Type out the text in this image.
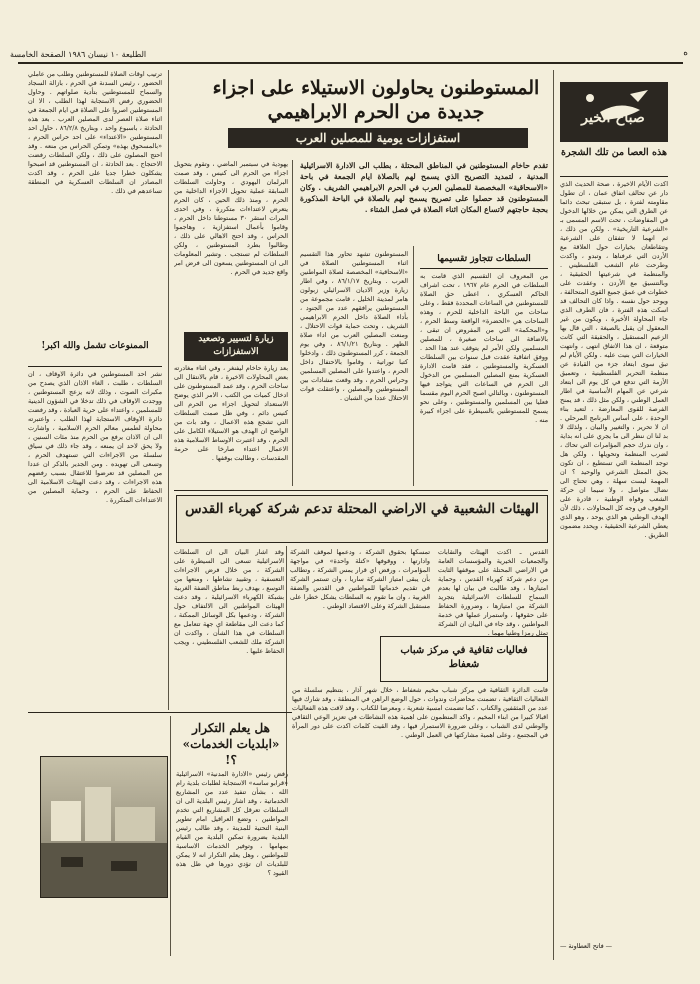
الطليعة ١٠ نيسان ١٩٨٦ الصفحة الخامسة	ه
صباح الخير
هذه العصا من تلك الشجرة
اكدت الأيام الاخيرة ، صحة الحديث الذي دار عن تحالف اتفاق عمان ، ان تطول مقاومته لفترة ، بل ستبقى تبحث دائما عن الطرق التي يمكن من خلالها الدخول في المفاوضات ، تحت الاسم المسمى بـ «الشرعية التاريخية» . ولكن من ذلك ، ثم انهما لا تتفقان على الشرعية وتتقاطعان بخيارات حول العلاقة مع الأردن التي عرفناها ، وتبدو ، واكدت وطرحت عام الشعب الفلسطيني . والمنظمة في شرعيتها الحقيقية ، وبالتنسيق مع الأردن ، وعقدت على خطوات في عمق جميع القوى المتحالفة ، ويوحد حول نفسه . واذا كان التحالف قد اسكت هذه الفترة ، فان الطرف الذي جاء المحاولة الأخيرة ، ويكون من غير المعقول ان يقبل بالصيغة ، التي قال بها الزعيم المستقيل ، والحقيقة التي كانت متوقعة ، ان هذا الاتفاق انتهى ، وانتهت الخيارات التي بنيت عليه . ولكن الأيام لم تبق سوى ابتعاد جزء من القيادة عن منظمة التحرير الفلسطينية ، وتعميق الأزمة التي تدفع في كل يوم الى ابتعاد شرعي عن المهام الأساسية في اطار العمل الوطني ، ولكن مثل ذلك ، قد يمنح الفرصة للقوى المعارضة ، لتعيد بناء الوحدة ، على أساس البرنامج المرحلي . ان لا تحرير ، والتغيير والبيان ، ولذلك لا بد لنا ان ننظر الى ما يجري على انه بداية ، وان ندرك حجم المؤامرات التي تحاك ، لضرب المنظمة وتحويلها ، ولكن هل توجد المنظمة التي تستطيع ، ان تكون بحق الممثل الشرعي والوحيد ؟ ان المهمة ليست سهلة ، وهي تحتاج الى نضال متواصل ، ولا سيما ان حركة الشعب وقواه الوطنية ، قادرة على الوقوف في وجه كل المحاولات ، ذلك لأن الهدف الوطني هو الذي يوحد ، وهو الذي يعطي الشرعية الحقيقية ، ويحدد مضمون الطريق .
— فاتح العطاونة —
المستوطنون يحاولون الاستيلاء على اجزاء جديدة من الحرم الابراهيمي
استفزازات يومية للمصلين العرب
تقدم حاخام المستوطنين في المناطق المحتلة ، بطلب الى الادارة الاسرائيلية المدنية ، لتمديد التصريح الذي يسمح لهم بالصلاة ايام الجمعة في باحة «الاسحاقية» المخصصة للمصلين العرب في الحرم الابراهيمي الشريف . وكان المستوطنون قد حصلوا على تصريح يسمح لهم بالصلاة في الباحة المذكورة بحجة حاجتهم لاتساع المكان اثناء الصلاة في فصل الشتاء .
السلطات تتجاوز تقسيمها
من المعروف ان التقسيم الذي قامت به السلطات في الحرم عام ١٩٦٧ ، تحت اشراف الحاكم العسكري ، اعطى حق الصلاة للمستوطنين في الساعات المحددة فقط ، وعلى ساحات من الباحة الداخلية للحرم ، وهذه الساحات هي «الحضرة» الواقعة وسط الحرم ، و«المحكمة» التي من المفروض ان تبقى ، بالاضافة الى ساحات صغيرة ، للمصلين المسلمين ولكن الأمر لم يتوقف عند هذا الحد . ووفق اتفاقية عقدت قبل سنوات بين السلطات العسكرية والمستوطنين ، فقد قامت الادارة العسكرية بمنع المصلين المسلمين من الدخول الى الحرم في الساعات التي يتواجد فيها المستوطنون ، وبالتالي اصبح الحرم اليوم مقسما فعليا بين المسلمين والمستوطنين ، وعلى نحو يسمح للمستوطنين بالسيطرة على اجزاء كبيرة منه .
المستوطنون تشهد تحاور هذا التقسيم اثناء المستوطنين الصلاة في «الاسحاقية» المخصصة لصلاة المواطنين العرب . وبتاريخ ٨٦/١/١٧ ، وفي اطار زيارة وزير الاديان الاسرائيلي زبولون هامر لمدينة الخليل ، قامت مجموعة من المستوطنين يرافقهم عدد من الجنود ، بأداء الصلاة داخل الحرم الابراهيمي الشريف ، وتحت حماية قوات الاحتلال ، ومنعت المصلين العرب من اداء صلاة الظهر . وبتاريخ ٨٦/١/٢١ ، وفي يوم الجمعة ، كرر المستوطنون ذلك ، وادخلوا كتبا توراتية ، وقاموا بالاحتفال داخل الحرم ، واعتدوا على المصلين المسلمين وحراس الحرم ، وقد وقعت مشادات بين المستوطنين والمصلين ، واعتقلت قوات الاحتلال عددا من الشبان .
يهودية في سبتمبر الماضي ، وتقوم بتحويل اجزاء من الحرم الى كنيس ، وقد صمت البرلمان اليهودي ، وحاولت السلطات السابقة عملية تحويل الاجزاء الداخلية من الحرم ، ومنذ ذلك الحين ، كان الحرم يتعرض لاعتداءات متكررة ، وفي احدى المرات استقر ٣٠ مستوطنا داخل الحرم ، وقاموا بأعمال استفزازية ، وهاجموا الحراس ، وقد احتج الاهالي على ذلك ، وطالبوا بطرد المستوطنين ، ولكن السلطات لم تستجب . وتشير المعلومات الى ان المستوطنين يسعون الى فرض امر واقع جديد في الحرم .
زيارة لتسيير وتصعيد الاستفزازات
بعد زيارة حاخام ليفنغر ، وفي اثناء مغادرته بعض المحاولات الاخيرة ، قام بالانتقال الى ساحات الحرم ، وقد عمد المستوطنون على ادخال كميات من الكتب ، الامر الذي يوضح الاستعداد لتحويل اجزاء من الحرم الى كنيس دائم ، وفي ظل صمت السلطات التي تشجع هذه الاعمال ، وقد بات من الواضح ان الهدف هو الاستيلاء الكامل على الحرم ، وقد اعتبرت الاوساط الاسلامية هذه الاعمال اعتداء صارخا على حرمة المقدسات ، وطالبت بوقفها .
ترتيب اوقات الصلاة للمستوطنين وطلب من عاملي الحضور ، رئيس السدنة في الحرم ، بازالة السجاد والسماح للمستوطنين بتأدية صلواتهم . وحاول الحضوري رفض الاستجابة لهذا الطلب ، الا ان المستوطنين اصروا على الصلاة في ايام الجمعة في اثناء صلاة العصر لدى المصلين العرب . بعد هذه الحادثة ، باسبوع واحد ، وبتاريخ ٨٦/٢/٨ ، حاول احد المستوطنين «الاعتداء» على احد حراس الحرم ، «بالمسحوق بهذه» وتمكن الحراس من منعه . وقد احتج المصلون على ذلك ، ولكن السلطات رفضت الاحتجاج . بعد الحادثة ، ان المستوطنين قد اصبحوا يشكلون خطرا جديا على الحرم ، وقد اكدت المصادر ان السلطات العسكرية في المنطقة تساعدهم في ذلك .
الممنوعات تشمل والله اكبر!
نشر احد المستوطنين في دائرة الاوقاف ، ان السلطات ، طلبت ، الغاء الاذان الذي يصدح من مكبرات الصوت ، وذلك لانه يزعج المستوطنين ، ووجدت الاوقاف في ذلك تدخلا في الشؤون الدينية للمسلمين ، واعتداء على حرية العبادة ، وقد رفضت دائرة الاوقاف الاستجابة لهذا الطلب ، واعتبرته محاولة لطمس معالم الحرم الاسلامية ، واشارت الى ان الاذان يرفع من الحرم منذ مئات السنين ، ولا يحق لاحد ان يمنعه ، وقد جاء ذلك في سياق سلسلة من الاجراءات التي تستهدف الحرم ، وتسعى الى تهويده . ومن الجدير بالذكر ان عددا من المصلين قد تعرضوا للاعتقال بسبب رفضهم هذه الاجراءات ، وقد دعت الهيئات الاسلامية الى الحفاظ على الحرم ، وحماية المصلين من الاعتداءات المتكررة .
الهيئات الشعبية في الاراضي المحتلة تدعم شركة كهرباء القدس
القدس ـ اكدت الهيئات والنقابات والجمعيات الخيرية والمؤسسات العامة في الاراضي المحتلة على موقفها الثابت من دعم شركة كهرباء القدس ، وحماية امتيازها ، وقد طالبت في بيان لها بعدم السماح للسلطات الاسرائيلية بتجريد الشركة من امتيازها ، وضرورة الحفاظ على حقوقها ، واستمرار عملها في خدمة المواطنين ، وقد جاء في البيان ان الشركة تمثل رمزا وطنيا مهما .
تمسكها بحقوق الشركة ، ودعمها لموقف الشركة وادارتها ، ووقوفها «كتلة واحدة» في مواجهة المؤامرات ، ورفض اي قرار يمس الشركة ، وتطالب بأن يبقى امتياز الشركة ساريا ، وان تستمر الشركة في تقديم خدماتها للمواطنين في القدس والضفة الغربية ، وان ما تقوم به السلطات يشكل خطرا على مستقبل الشركة وعلى الاقتصاد الوطني .
وقد اشار البيان الى ان السلطات الاسرائيلية تسعى الى السيطرة على الشركة ، من خلال فرض الاجراءات التعسفية ، وتقييد نشاطها ، ومنعها من التوسع ، بهدف ربط مناطق الضفة الغربية بشبكة الكهرباء الاسرائيلية ، وقد دعت الهيئات المواطنين الى الالتفاف حول الشركة ، ودعمها بكل الوسائل الممكنة ، كما دعت الى مقاطعة اي جهة تتعامل مع السلطات في هذا الشأن ، واكدت ان الشركة ملك للشعب الفلسطيني ، ويجب الحفاظ عليها .	فعاليات ثقافية في مركز شباب شعفاط
قامت الدائرة الثقافية في مركز شباب مخيم شعفاط ، خلال شهر آذار ، بتنظيم سلسلة من الفعاليات الثقافية ، تضمنت محاضرات وندوات ، حول الوضع الراهن في المنطقة ، وقد شارك فيها عدد من المثقفين والكتاب ، كما تضمنت امسية شعرية ، ومعرضا للكتاب ، وقد لاقت هذه الفعاليات اقبالا كبيرا من ابناء المخيم ، واكد المنظمون على اهمية هذه النشاطات في تعزيز الوعي الثقافي والوطني لدى الشباب ، وعلى ضرورة الاستمرار فيها ، وقد القيت كلمات اكدت على دور المرأة في المجتمع ، وعلى اهمية مشاركتها في العمل الوطني .
هل يعلم التكرار «ابلديات الخدمات» ؟!
رفض رئيس «الادارة المدنية» الاسرائيلية «قرابو ساسه» الاستجابة لطلبات بلدية رام الله ، بشأن تنفيذ عدد من المشاريع الخدماتية ، وقد اشار رئيس البلدية الى ان السلطات تعرقل كل المشاريع التي تخدم المواطنين ، وتضع العراقيل امام تطوير البنية التحتية للمدينة ، وقد طالب رئيس البلدية بضرورة تمكين البلدية من القيام بمهامها ، وتوفير الخدمات الاساسية للمواطنين ، وهل يعلم التكرار انه لا يمكن للبلديات ان تؤدي دورها في ظل هذه القيود ؟
